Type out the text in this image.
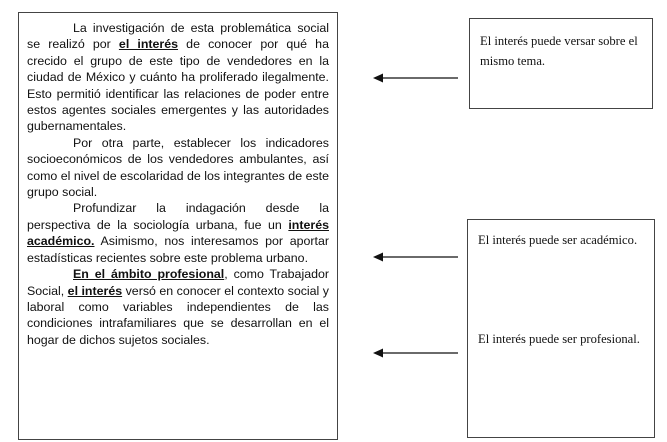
La investigación de esta problemática social se realizó por el interés de conocer por qué ha crecido el grupo de este tipo de vendedores en la ciudad de México y cuánto ha proliferado ilegalmente. Esto permitió identificar las relaciones de poder entre estos agentes sociales emergentes y las autoridades gubernamentales.

Por otra parte, establecer los indicadores socioeconómicos de los vendedores ambulantes, así como el nivel de escolaridad de los integrantes de este grupo social.

Profundizar la indagación desde la perspectiva de la sociología urbana, fue un interés académico. Asimismo, nos interesamos por aportar estadísticas recientes sobre este problema urbano.

En el ámbito profesional, como Trabajador Social, el interés versó en conocer el contexto social y laboral como variables independientes de las condiciones intrafamiliares que se desarrollan en el hogar de dichos sujetos sociales.

El interés puede versar sobre el mismo tema.
El interés puede ser académico.
El interés puede ser profesional.
